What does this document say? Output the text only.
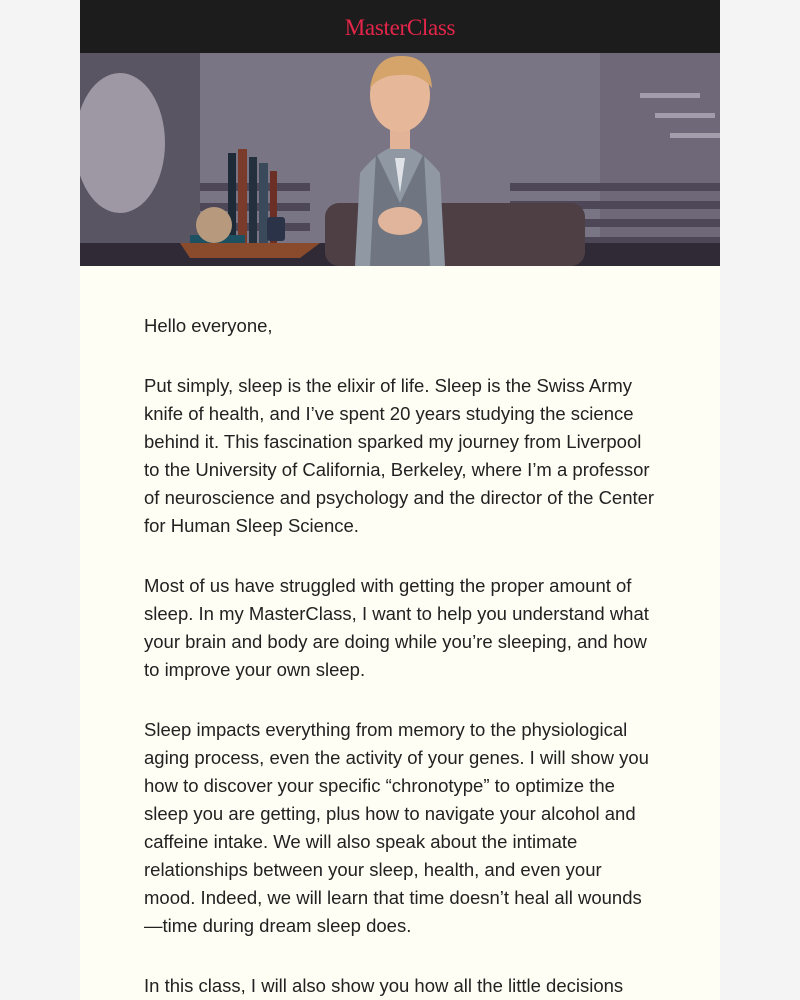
MasterClass

Hello everyone,

Put simply, sleep is the elixir of life. Sleep is the Swiss Army knife of health, and I’ve spent 20 years studying the science behind it. This fascination sparked my journey from Liverpool to the University of California, Berkeley, where I’m a professor of neuroscience and psychology and the director of the Center for Human Sleep Science.

Most of us have struggled with getting the proper amount of sleep. In my MasterClass, I want to help you understand what your brain and body are doing while you’re sleeping, and how to improve your own sleep.

Sleep impacts everything from memory to the physiological aging process, even the activity of your genes. I will show you how to discover your specific “chronotype” to optimize the sleep you are getting, plus how to navigate your alcohol and caffeine intake. We will also speak about the intimate relationships between your sleep, health, and even your mood. Indeed, we will learn that time doesn’t heal all wounds—time during dream sleep does.

In this class, I will also show you how all the little decisions
